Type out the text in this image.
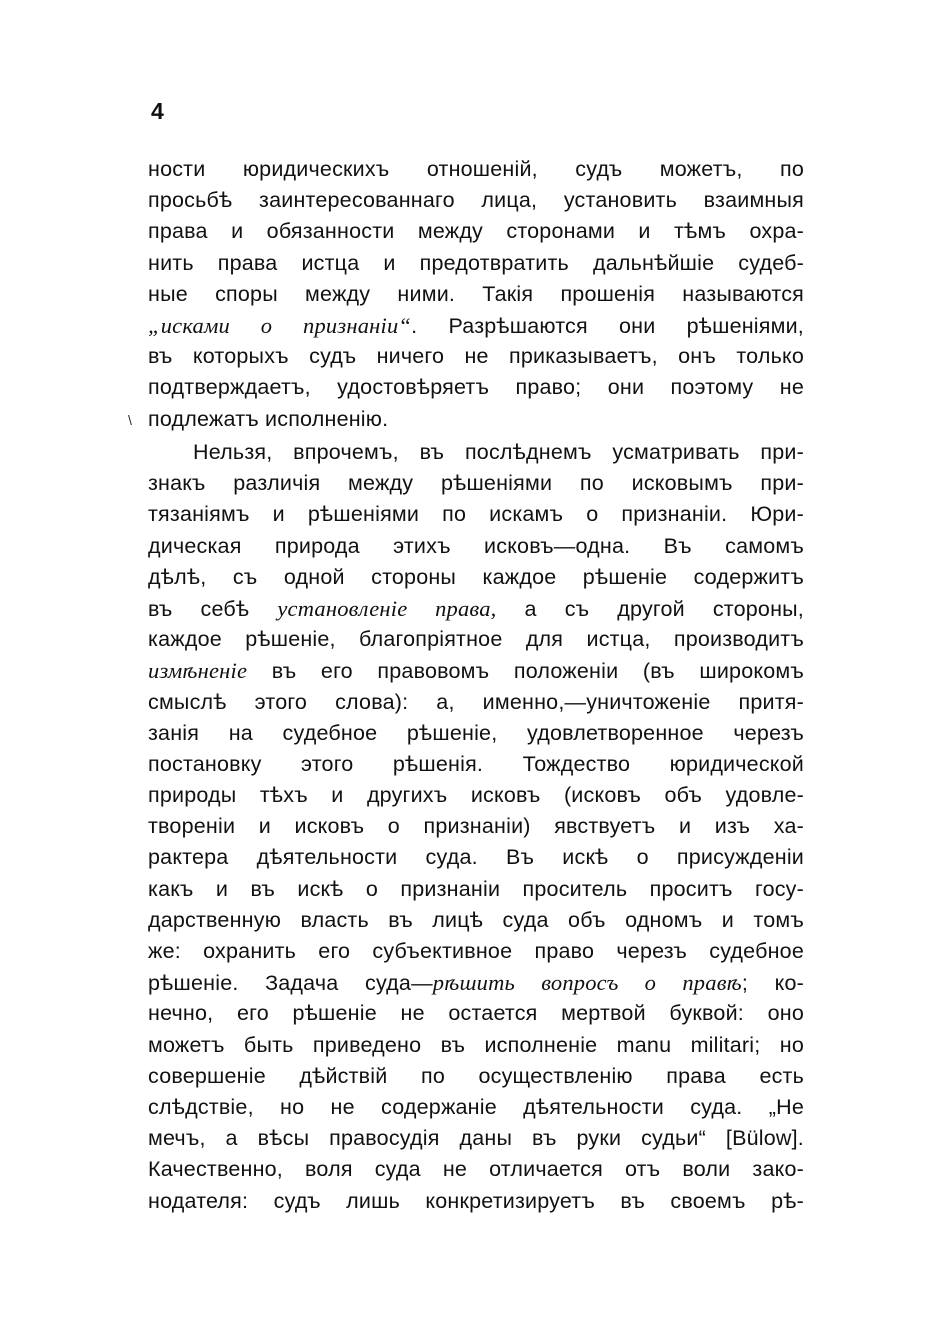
4
\
ности юридическихъ отношенiй, судъ можетъ, по
просьбѣ заинтересованнаго лица, установить взаимныя
права и обязанности между сторонами и тѣмъ охра-
нить права истца и предотвратить дальнѣйшiе судеб-
ные споры между ними. Такiя прошенiя называются
„исками о признанiи“. Разрѣшаются они рѣшенiями,
въ которыхъ судъ ничего не приказываетъ, онъ только
подтверждаетъ, удостовѣряетъ право; они поэтому не
подлежатъ исполненiю.
Нельзя, впрочемъ, въ послѣднемъ усматривать при-
знакъ различiя между рѣшенiями по исковымъ при-
тязанiямъ и рѣшенiями по искамъ о признанiи. Юри-
дическая природа этихъ исковъ—одна. Въ самомъ
дѣлѣ, съ одной стороны каждое рѣшенiе содержитъ
въ себѣ установленiе права, а съ другой стороны,
каждое рѣшенiе, благопрiятное для истца, производитъ
измѣненiе въ его правовомъ положенiи (въ широкомъ
смыслѣ этого слова): а, именно,—уничтоженiе притя-
занiя на судебное рѣшенiе, удовлетворенное черезъ
постановку этого рѣшенiя. Тождество юридической
природы тѣхъ и другихъ исковъ (исковъ объ удовле-
творенiи и исковъ о признанiи) явствуетъ и изъ ха-
рактера дѣятельности суда. Въ искѣ о присужденiи
какъ и въ искѣ о признанiи проситель проситъ госу-
дарственную власть въ лицѣ суда объ одномъ и томъ
же: охранить его субъективное право черезъ судебное
рѣшенiе. Задача суда—рѣшить вопросъ о правѣ; ко-
нечно, его рѣшенiе не остается мертвой буквой: оно
можетъ быть приведено въ исполненiе manu militari; но
совершенiе дѣйствiй по осуществленiю права есть
слѣдствiе, но не содержанiе дѣятельности суда. „Не
мечъ, а вѣсы правосудiя даны въ руки судьи“ [Bülow].
Качественно, воля суда не отличается отъ воли зако-
нодателя: судъ лишь конкретизируетъ въ своемъ рѣ-
